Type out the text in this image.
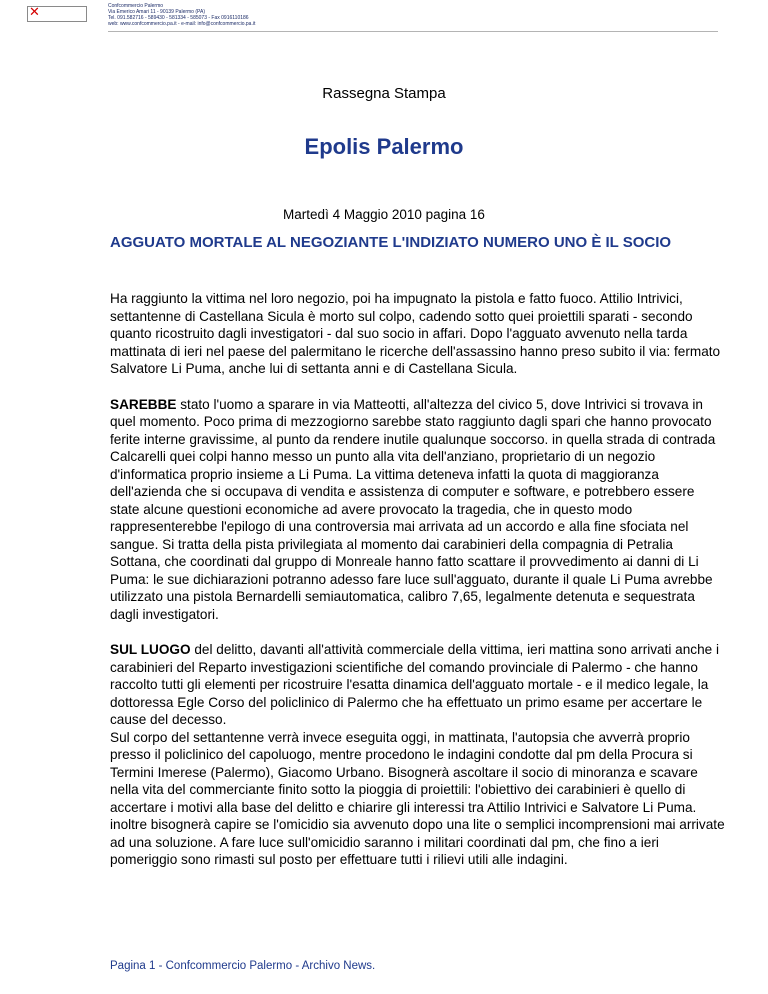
✕	Confcommercio Palermo
Via Emerico Amari 11 - 90139 Palermo (PA)
Tel. 091.582716 - 589430 - 581334 - 585073 - Fax 0916110186
web: www.confcommercio.pa.it - e-mail: info@confcommercio.pa.it
Rassegna Stampa
Epolis Palermo
Martedì 4 Maggio 2010 pagina 16
AGGUATO MORTALE AL NEGOZIANTE L'INDIZIATO NUMERO UNO È IL SOCIO

Ha raggiunto la vittima nel loro negozio, poi ha impugnato la pistola e fatto fuoco. Attilio Intrivici, settantenne di Castellana Sicula è morto sul colpo, cadendo sotto quei proiettili sparati - secondo quanto ricostruito dagli investigatori - dal suo socio in affari. Dopo l'agguato avvenuto nella tarda mattinata di ieri nel paese del palermitano le ricerche dell'assassino hanno preso subito il via: fermato Salvatore Li Puma, anche lui di settanta anni e di Castellana Sicula.

SAREBBE stato l'uomo a sparare in via Matteotti, all'altezza del civico 5, dove Intrivici si trovava in quel momento. Poco prima di mezzogiorno sarebbe stato raggiunto dagli spari che hanno provocato ferite interne gravissime, al punto da rendere inutile qualunque soccorso. in quella strada di contrada Calcarelli quei colpi hanno messo un punto alla vita dell'anziano, proprietario di un negozio d'informatica proprio insieme a Li Puma. La vittima deteneva infatti la quota di maggioranza dell'azienda che si occupava di vendita e assistenza di computer e software, e potrebbero essere state alcune questioni economiche ad avere provocato la tragedia, che in questo modo rappresenterebbe l'epilogo di una controversia mai arrivata ad un accordo e alla fine sfociata nel sangue. Si tratta della pista privilegiata al momento dai carabinieri della compagnia di Petralia Sottana, che coordinati dal gruppo di Monreale hanno fatto scattare il provvedimento ai danni di Li Puma: le sue dichiarazioni potranno adesso fare luce sull'agguato, durante il quale Li Puma avrebbe utilizzato una pistola Bernardelli semiautomatica, calibro 7,65, legalmente detenuta e sequestrata dagli investigatori.

SUL LUOGO del delitto, davanti all'attività commerciale della vittima, ieri mattina sono arrivati anche i carabinieri del Reparto investigazioni scientifiche del comando provinciale di Palermo - che hanno raccolto tutti gli elementi per ricostruire l'esatta dinamica dell'agguato mortale - e il medico legale, la dottoressa Egle Corso del policlinico di Palermo che ha effettuato un primo esame per accertare le cause del decesso.

Sul corpo del settantenne verrà invece eseguita oggi, in mattinata, l'autopsia che avverrà proprio presso il policlinico del capoluogo, mentre procedono le indagini condotte dal pm della Procura si Termini Imerese (Palermo), Giacomo Urbano. Bisognerà ascoltare il socio di minoranza e scavare nella vita del commerciante finito sotto la pioggia di proiettili: l'obiettivo dei carabinieri è quello di accertare i motivi alla base del delitto e chiarire gli interessi tra Attilio Intrivici e Salvatore Li Puma. inoltre bisognerà capire se l'omicidio sia avvenuto dopo una lite o semplici incomprensioni mai arrivate ad una soluzione. A fare luce sull'omicidio saranno i militari coordinati dal pm, che fino a ieri pomeriggio sono rimasti sul posto per effettuare tutti i rilievi utili alle indagini.

Pagina 1 - Confcommercio Palermo - Archivo News.
